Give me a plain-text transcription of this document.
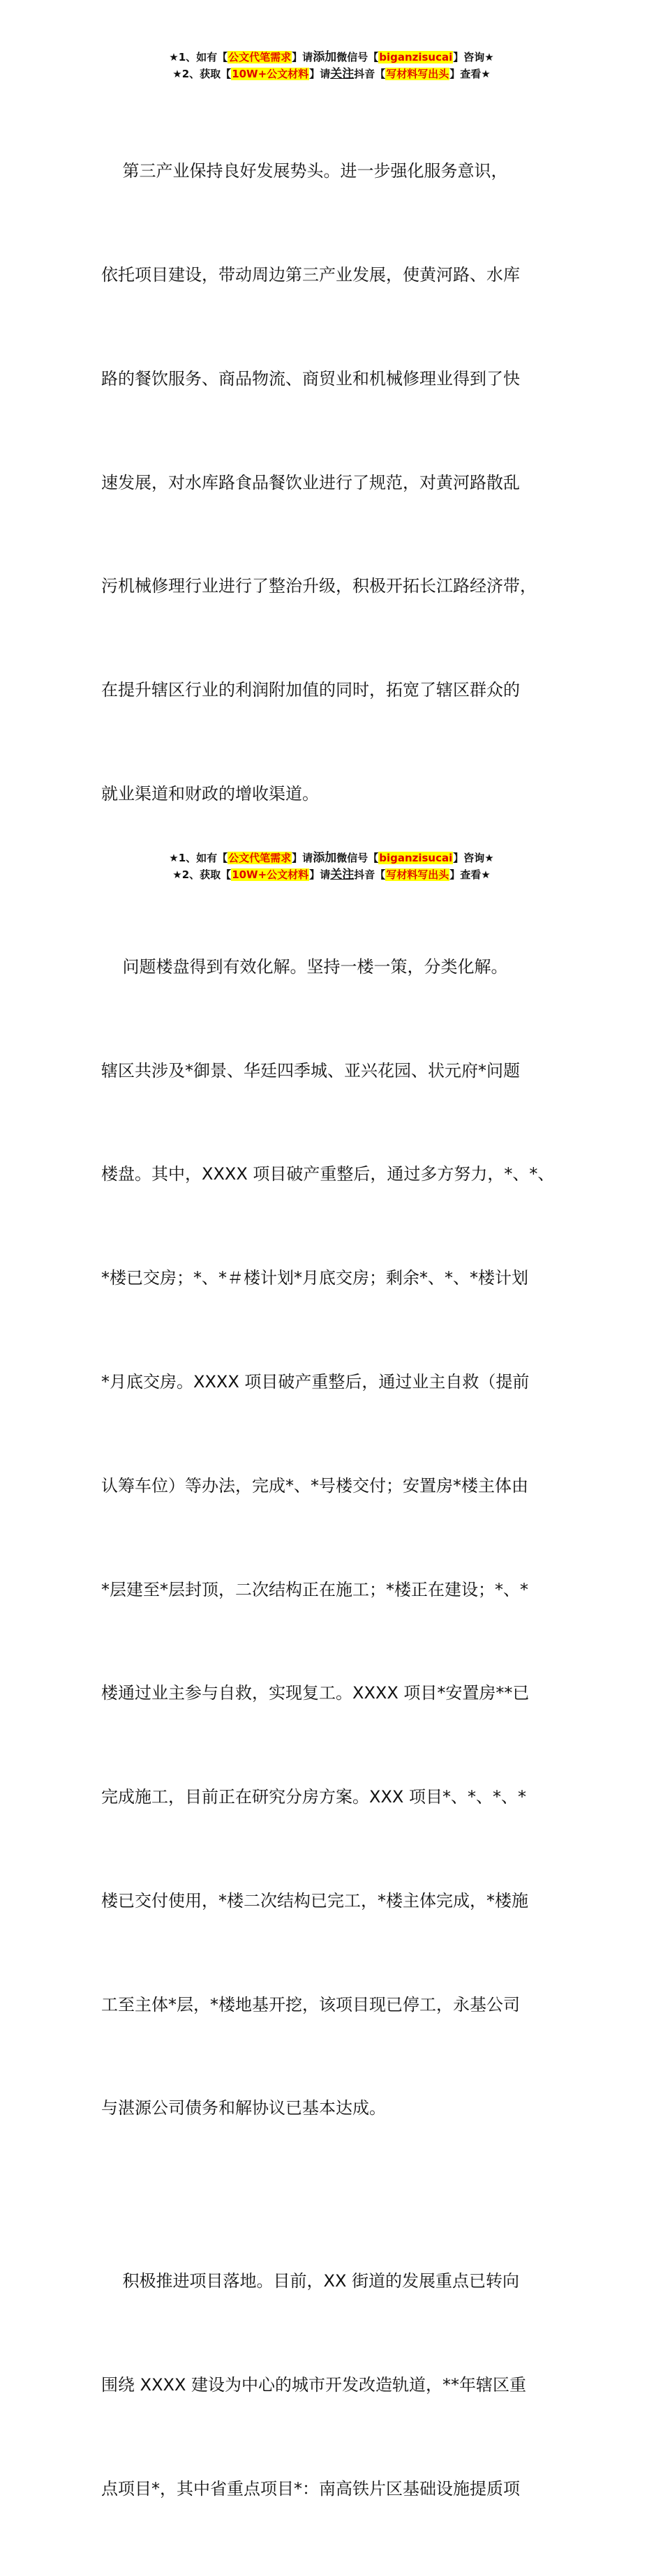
★1、如有【公文代笔需求】请添加微信号【biganzisucai】咨询★
★2、获取【10W+公文材料】请关注抖音【写材料写出头】查看★

第三产业保持良好发展势头。进一步强化服务意识，

依托项目建设，带动周边第三产业发展，使黄河路、水库

路的餐饮服务、商品物流、商贸业和机械修理业得到了快

速发展，对水库路食品餐饮业进行了规范，对黄河路散乱

污机械修理行业进行了整治升级，积极开拓长江路经济带，

在提升辖区行业的利润附加值的同时，拓宽了辖区群众的

就业渠道和财政的增收渠道。

问题楼盘得到有效化解。坚持一楼一策，分类化解。

辖区共涉及*御景、华廷四季城、亚兴花园、状元府*问题

楼盘。其中，XXXX 项目破产重整后，通过多方努力，*、*、

*楼已交房；*、*＃楼计划*月底交房；剩余*、*、*楼计划

*月底交房。XXXX 项目破产重整后，通过业主自救（提前

认筹车位）等办法，完成*、*号楼交付；安置房*楼主体由

*层建至*层封顶，二次结构正在施工；*楼正在建设；*、*

楼通过业主参与自救，实现复工。XXXX 项目*安置房**已

完成施工，目前正在研究分房方案。XXX 项目*、*、*、*

楼已交付使用，*楼二次结构已完工，*楼主体完成，*楼施

工至主体*层，*楼地基开挖，该项目现已停工，永基公司

与湛源公司债务和解协议已基本达成。

积极推进项目落地。目前，XX 街道的发展重点已转向

围绕 XXXX 建设为中心的城市开发改造轨道，**年辖区重

点项目*，其中省重点项目*：南高铁片区基础设施提质项

★1、如有【公文代笔需求】请添加微信号【biganzisucai】咨询★
★2、获取【10W+公文材料】请关注抖音【写材料写出头】查看★
